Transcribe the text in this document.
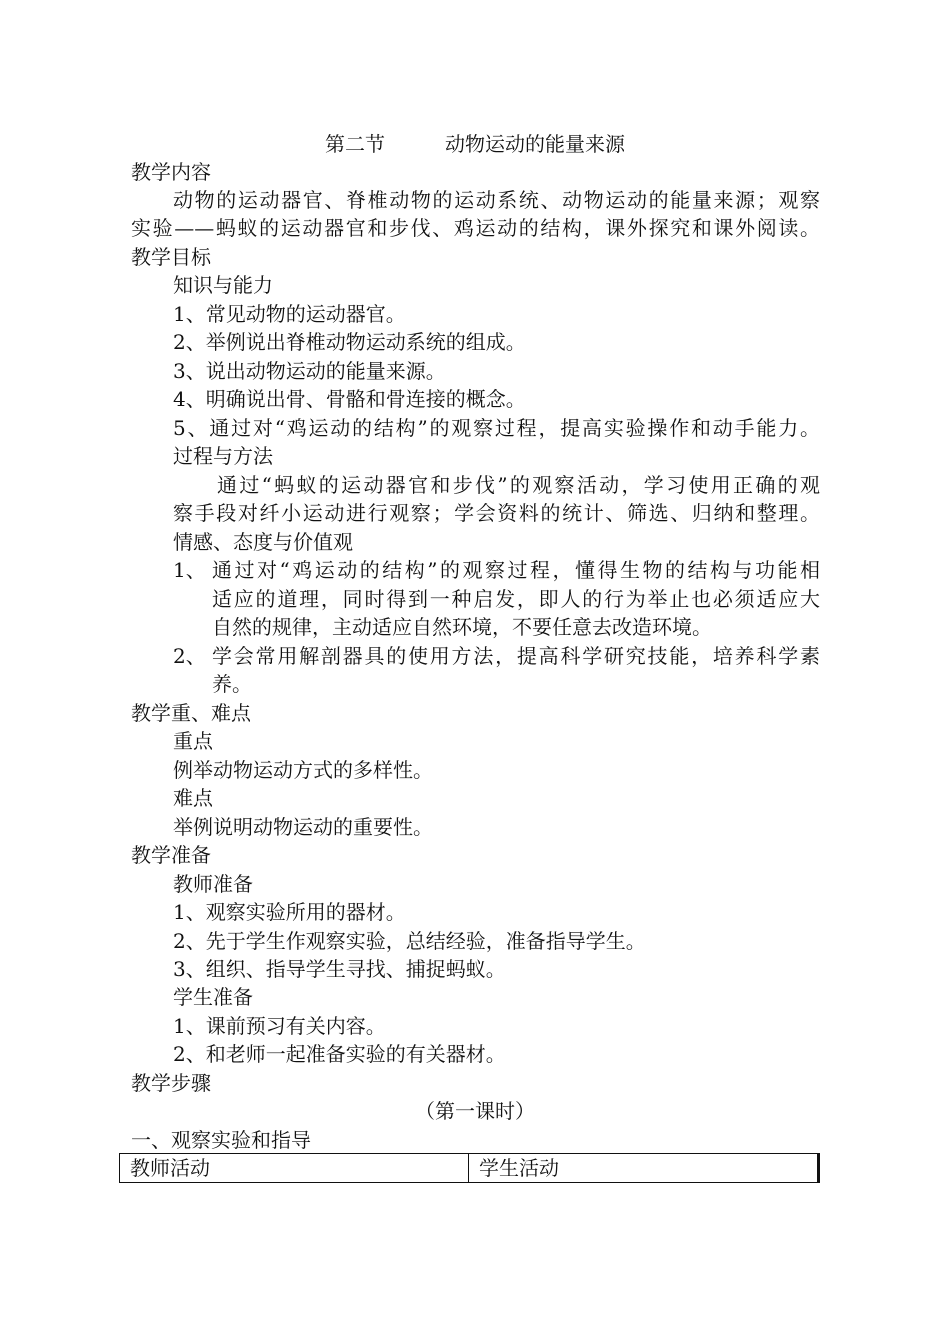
第二节	动物运动的能量来源
教学内容
动物的运动器官、脊椎动物的运动系统、动物运动的能量来源；观察
实验——蚂蚁的运动器官和步伐、鸡运动的结构，课外探究和课外阅读。
教学目标
知识与能力
1、常见动物的运动器官。
2、举例说出脊椎动物运动系统的组成。
3、说出动物运动的能量来源。
4、明确说出骨、骨骼和骨连接的概念。
5、通过对“鸡运动的结构”的观察过程，提高实验操作和动手能力。
过程与方法
通过“蚂蚁的运动器官和步伐”的观察活动，学习使用正确的观
察手段对纤小运动进行观察；学会资料的统计、筛选、归纳和整理。
情感、态度与价值观
1、 通过对“鸡运动的结构”的观察过程，懂得生物的结构与功能相
适应的道理，同时得到一种启发，即人的行为举止也必须适应大
自然的规律，主动适应自然环境，不要任意去改造环境。
2、 学会常用解剖器具的使用方法，提高科学研究技能，培养科学素
养。
教学重、难点
重点
例举动物运动方式的多样性。
难点
举例说明动物运动的重要性。
教学准备
教师准备
1、观察实验所用的器材。
2、先于学生作观察实验，总结经验，准备指导学生。
3、组织、指导学生寻找、捕捉蚂蚁。
学生准备
1、课前预习有关内容。
2、和老师一起准备实验的有关器材。
教学步骤
（第一课时）
一、观察实验和指导
教师活动	学生活动
